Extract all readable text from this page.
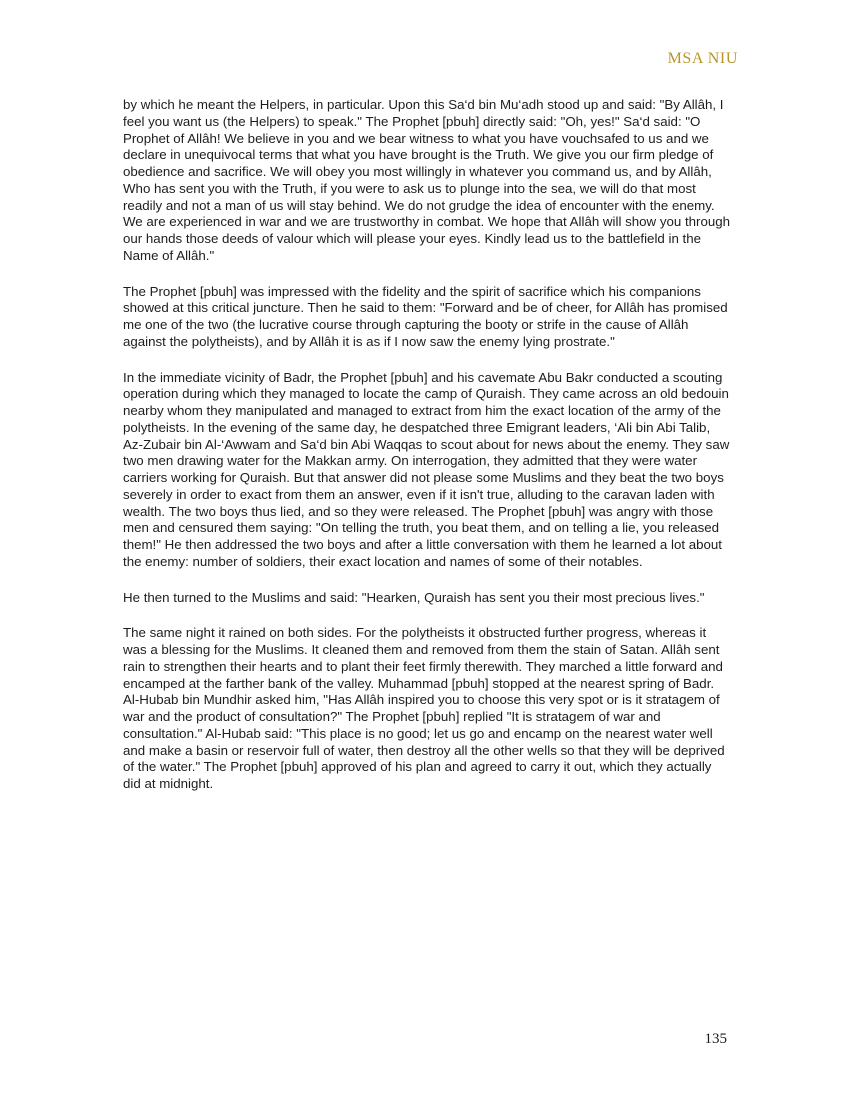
MSA NIU

by which he meant the Helpers, in particular. Upon this Sa‘d bin Mu‘adh stood up and said: "By Allâh, I feel you want us (the Helpers) to speak." The Prophet [pbuh] directly said: "Oh, yes!" Sa‘d said: "O Prophet of Allâh! We believe in you and we bear witness to what you have vouchsafed to us and we declare in unequivocal terms that what you have brought is the Truth. We give you our firm pledge of obedience and sacrifice. We will obey you most willingly in whatever you command us, and by Allâh, Who has sent you with the Truth, if you were to ask us to plunge into the sea, we will do that most readily and not a man of us will stay behind. We do not grudge the idea of encounter with the enemy. We are experienced in war and we are trustworthy in combat. We hope that Allâh will show you through our hands those deeds of valour which will please your eyes. Kindly lead us to the battlefield in the Name of Allâh."

The Prophet [pbuh] was impressed with the fidelity and the spirit of sacrifice which his companions showed at this critical juncture. Then he said to them: "Forward and be of cheer, for Allâh has promised me one of the two (the lucrative course through capturing the booty or strife in the cause of Allâh against the polytheists), and by Allâh it is as if I now saw the enemy lying prostrate."

In the immediate vicinity of Badr, the Prophet [pbuh] and his cavemate Abu Bakr conducted a scouting operation during which they managed to locate the camp of Quraish. They came across an old bedouin nearby whom they manipulated and managed to extract from him the exact location of the army of the polytheists. In the evening of the same day, he despatched three Emigrant leaders, ‘Ali bin Abi Talib, Az-Zubair bin Al-‘Awwam and Sa‘d bin Abi Waqqas to scout about for news about the enemy. They saw two men drawing water for the Makkan army. On interrogation, they admitted that they were water carriers working for Quraish. But that answer did not please some Muslims and they beat the two boys severely in order to exact from them an answer, even if it isn't true, alluding to the caravan laden with wealth. The two boys thus lied, and so they were released. The Prophet [pbuh] was angry with those men and censured them saying: "On telling the truth, you beat them, and on telling a lie, you released them!" He then addressed the two boys and after a little conversation with them he learned a lot about the enemy: number of soldiers, their exact location and names of some of their notables.

He then turned to the Muslims and said: "Hearken, Quraish has sent you their most precious lives."

The same night it rained on both sides. For the polytheists it obstructed further progress, whereas it was a blessing for the Muslims. It cleaned them and removed from them the stain of Satan. Allâh sent rain to strengthen their hearts and to plant their feet firmly therewith. They marched a little forward and encamped at the farther bank of the valley. Muhammad [pbuh] stopped at the nearest spring of Badr. Al-Hubab bin Mundhir asked him, "Has Allâh inspired you to choose this very spot or is it stratagem of war and the product of consultation?" The Prophet [pbuh] replied "It is stratagem of war and consultation." Al-Hubab said: "This place is no good; let us go and encamp on the nearest water well and make a basin or reservoir full of water, then destroy all the other wells so that they will be deprived of the water." The Prophet [pbuh] approved of his plan and agreed to carry it out, which they actually did at midnight.

135
